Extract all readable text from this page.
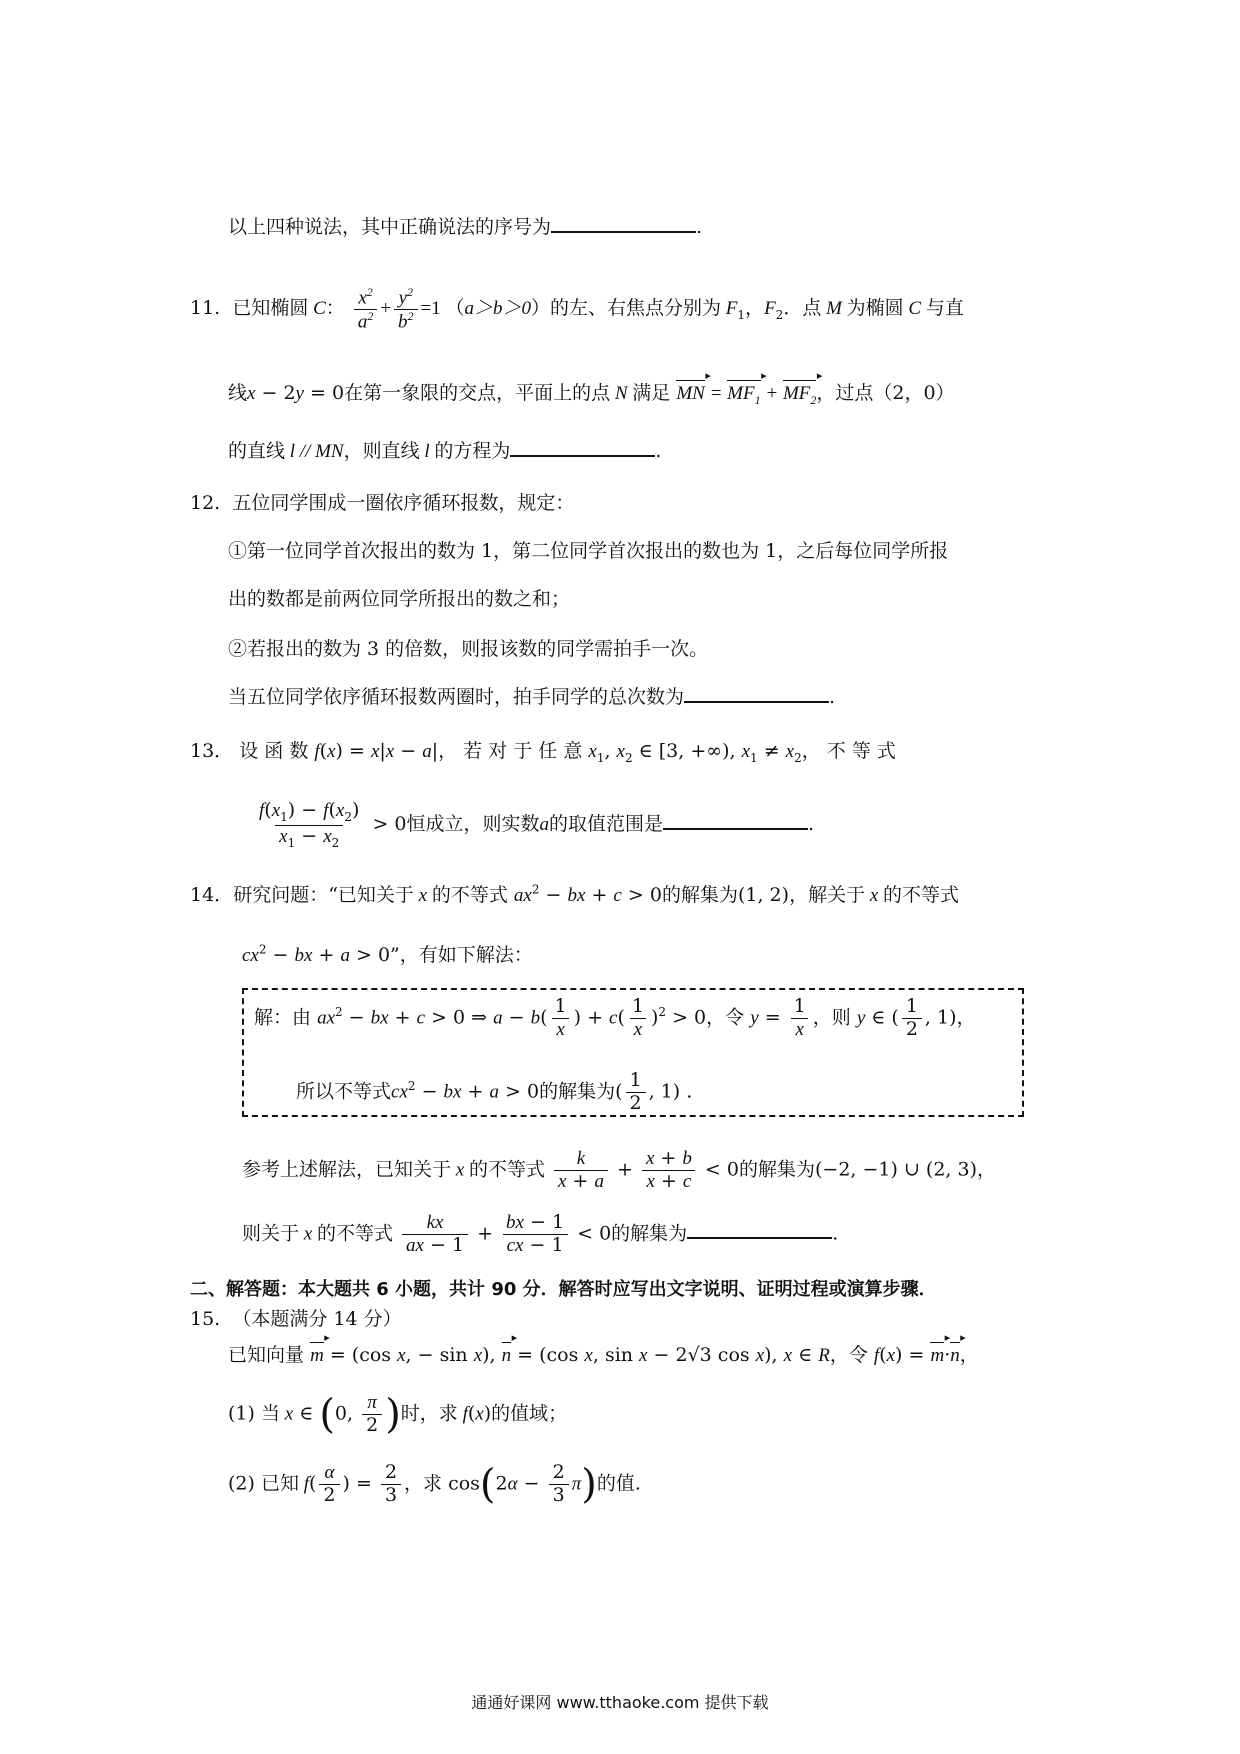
以上四种说法，其中正确说法的序号为	.
11. 已知椭圆 C： $\frac{x^2}{a^2} + \frac{y^2}{b^2} =1$ （a＞b＞0）的左、右焦点分别为 $F_1$，$F_2$．点 M 为椭圆 C 与直
线x − 2y = 0在第一象限的交点，平面上的点 N 满足 ▸ MN = ▸ $MF_1$ + ▸ $MF_2$，过点（2，0）
的直线 l // MN，则直线 l 的方程为	.
12. 五位同学围成一圈依序循环报数，规定：
①第一位同学首次报出的数为 1，第二位同学首次报出的数也为 1，之后每位同学所报
出的数都是前两位同学所报出的数之和；
②若报出的数为 3 的倍数，则报该数的同学需拍手一次。
当五位同学依序循环报数两圈时，拍手同学的总次数为	.
13． 设 函 数 f(x) = x|x − a|， 若 对 于 任 意 $x_1$, $x_2$ ∈ [3, +∞), $x_1 \ne x_2$， 不 等 式
$\frac{f(x_1) - f(x_2)}{x_1 - x_2} > 0$恒成立，则实数a的取值范围是	.
14．研究问题：“已知关于 x 的不等式 $ax^2$ − bx + c > 0的解集为(1, 2)，解关于 x 的不等式
$cx^2$ − bx + a > 0”，有如下解法：
解：由 $ax^2$ − bx + c > 0 ⇒ $a - b( \frac{1}{x}$ ) + $c( \frac{1}{x} )^2 > 0$，令 $y = \frac{1}{x}$ ，则 y ∈ ( $\frac{1}{2}$ , 1)，
所以不等式$cx^2$ − bx + a > 0的解集为( $\frac{1}{2}$ , 1) .
参考上述解法，已知关于 x 的不等式 $\frac{k}{x + a} + \frac{x + b}{x + c} < 0$的解集为(−2, −1) ∪ (2, 3)，
则关于 x 的不等式 $\frac{kx}{ax - 1} + \frac{bx - 1}{cx - 1} < 0$的解集为	.
二、解答题：本大题共 6 小题，共计 90 分．解答时应写出文字说明、证明过程或演算步骤．
15. （本题满分 14 分）
已知向量 ▸ m = (cos x, − sin x), ▸ n = (cos x, sin x − 2√3 cos x), x ∈ R，令 f(x) = ▸ m·▸ n，
(1) 当 x ∈ (0, $\frac{\pi}{2}$ )时，求 f(x)的值域；
(2) 已知 $f( \frac{\alpha}{2}$ ) = $\frac{2}{3}$ ，求 $\cos(2\alpha - \frac{2}{3} \pi)$的值.
通通好课网 www.tthaoke.com 提供下载
